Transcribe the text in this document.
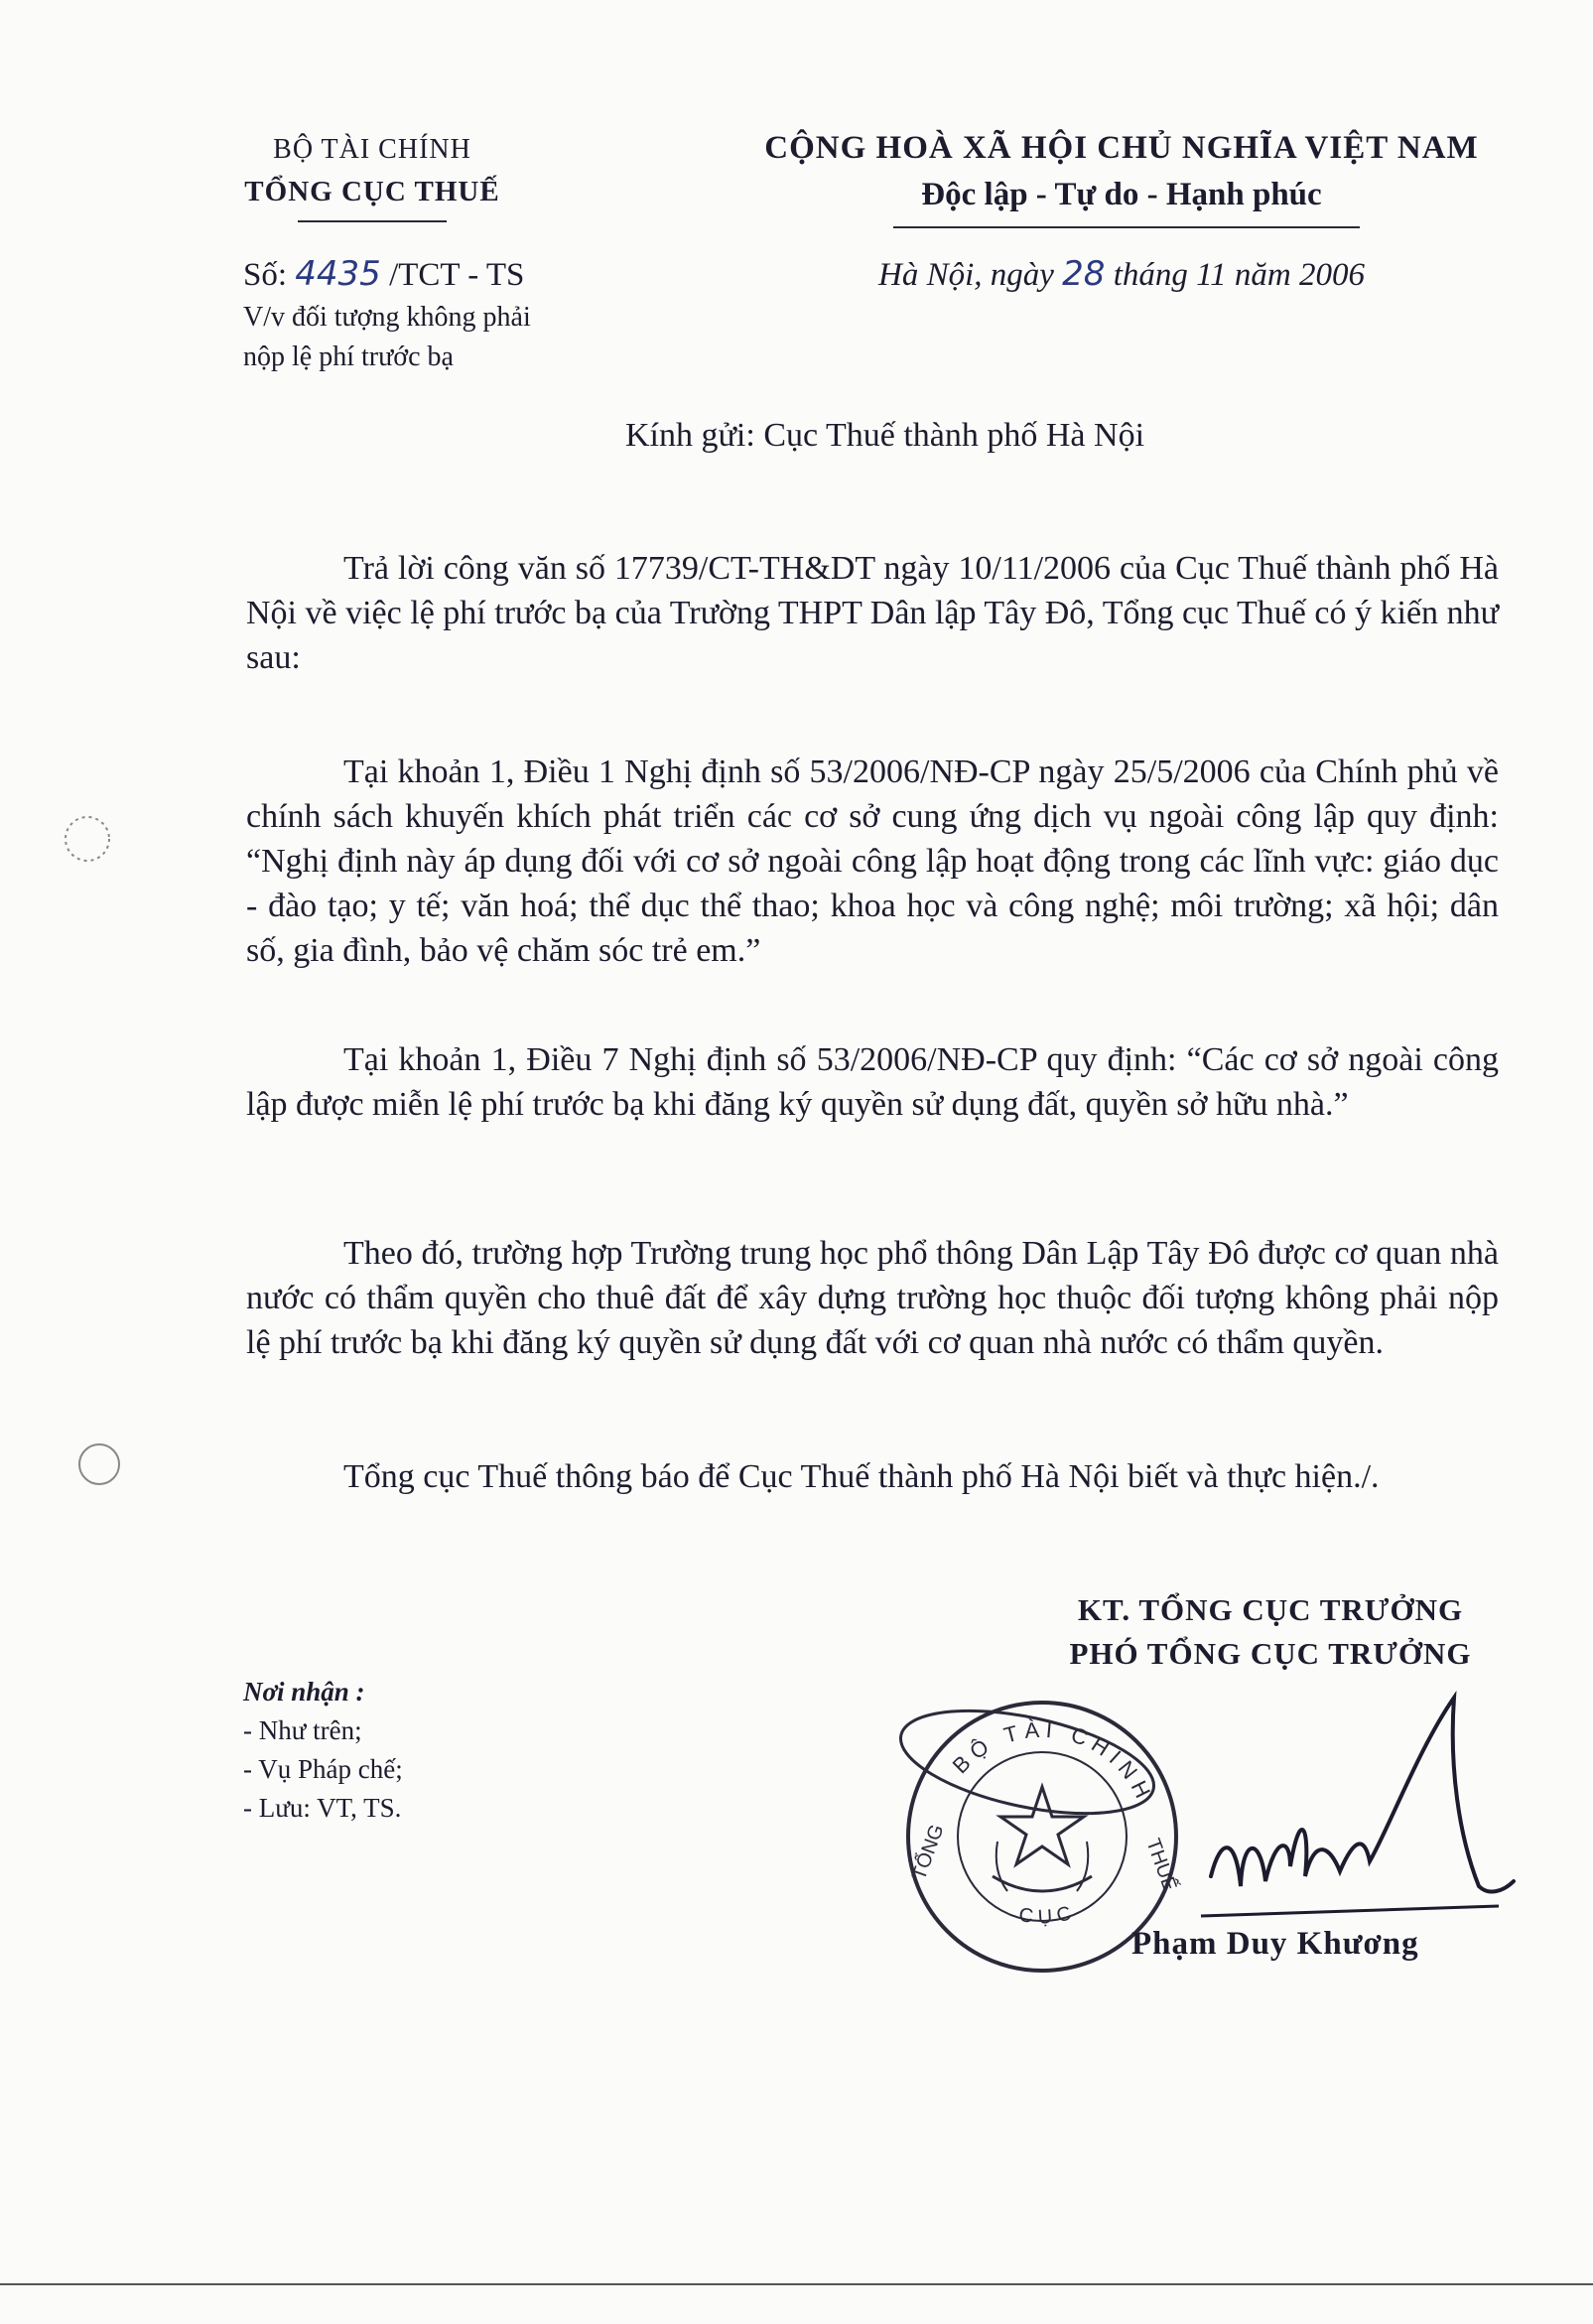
BỘ TÀI CHÍNH
TỔNG CỤC THUẾ
CỘNG HOÀ XÃ HỘI CHỦ NGHĨA VIỆT NAM
Độc lập - Tự do - Hạnh phúc
Số: 4435 /TCT - TS
V/v đối tượng không phải
nộp lệ phí trước bạ
Hà Nội, ngày 28 tháng 11 năm 2006
Kính gửi: Cục Thuế thành phố Hà Nội
Trả lời công văn số 17739/CT-TH&DT ngày 10/11/2006 của Cục Thuế thành phố Hà Nội về việc lệ phí trước bạ của Trường THPT Dân lập Tây Đô, Tổng cục Thuế có ý kiến như sau:
Tại khoản 1, Điều 1 Nghị định số 53/2006/NĐ-CP ngày 25/5/2006 của Chính phủ về chính sách khuyến khích phát triển các cơ sở cung ứng dịch vụ ngoài công lập quy định: “Nghị định này áp dụng đối với cơ sở ngoài công lập hoạt động trong các lĩnh vực: giáo dục - đào tạo; y tế; văn hoá; thể dục thể thao; khoa học và công nghệ; môi trường; xã hội; dân số, gia đình, bảo vệ chăm sóc trẻ em.”
Tại khoản 1, Điều 7 Nghị định số 53/2006/NĐ-CP quy định: “Các cơ sở ngoài công lập được miễn lệ phí trước bạ khi đăng ký quyền sử dụng đất, quyền sở hữu nhà.”
Theo đó, trường hợp Trường trung học phổ thông Dân Lập Tây Đô được cơ quan nhà nước có thẩm quyền cho thuê đất để xây dựng trường học thuộc đối tượng không phải nộp lệ phí trước bạ khi đăng ký quyền sử dụng đất với cơ quan nhà nước có thẩm quyền.
Tổng cục Thuế thông báo để Cục Thuế thành phố Hà Nội biết và thực hiện./.
KT. TỔNG CỤC TRƯỞNG
PHÓ TỔNG CỤC TRƯỞNG
Nơi nhận :
- Như trên;
- Vụ Pháp chế;
- Lưu: VT, TS.
BỘ TÀI CHÍNH
CỤC
TỔNG	THUẾ
Phạm Duy Khương
